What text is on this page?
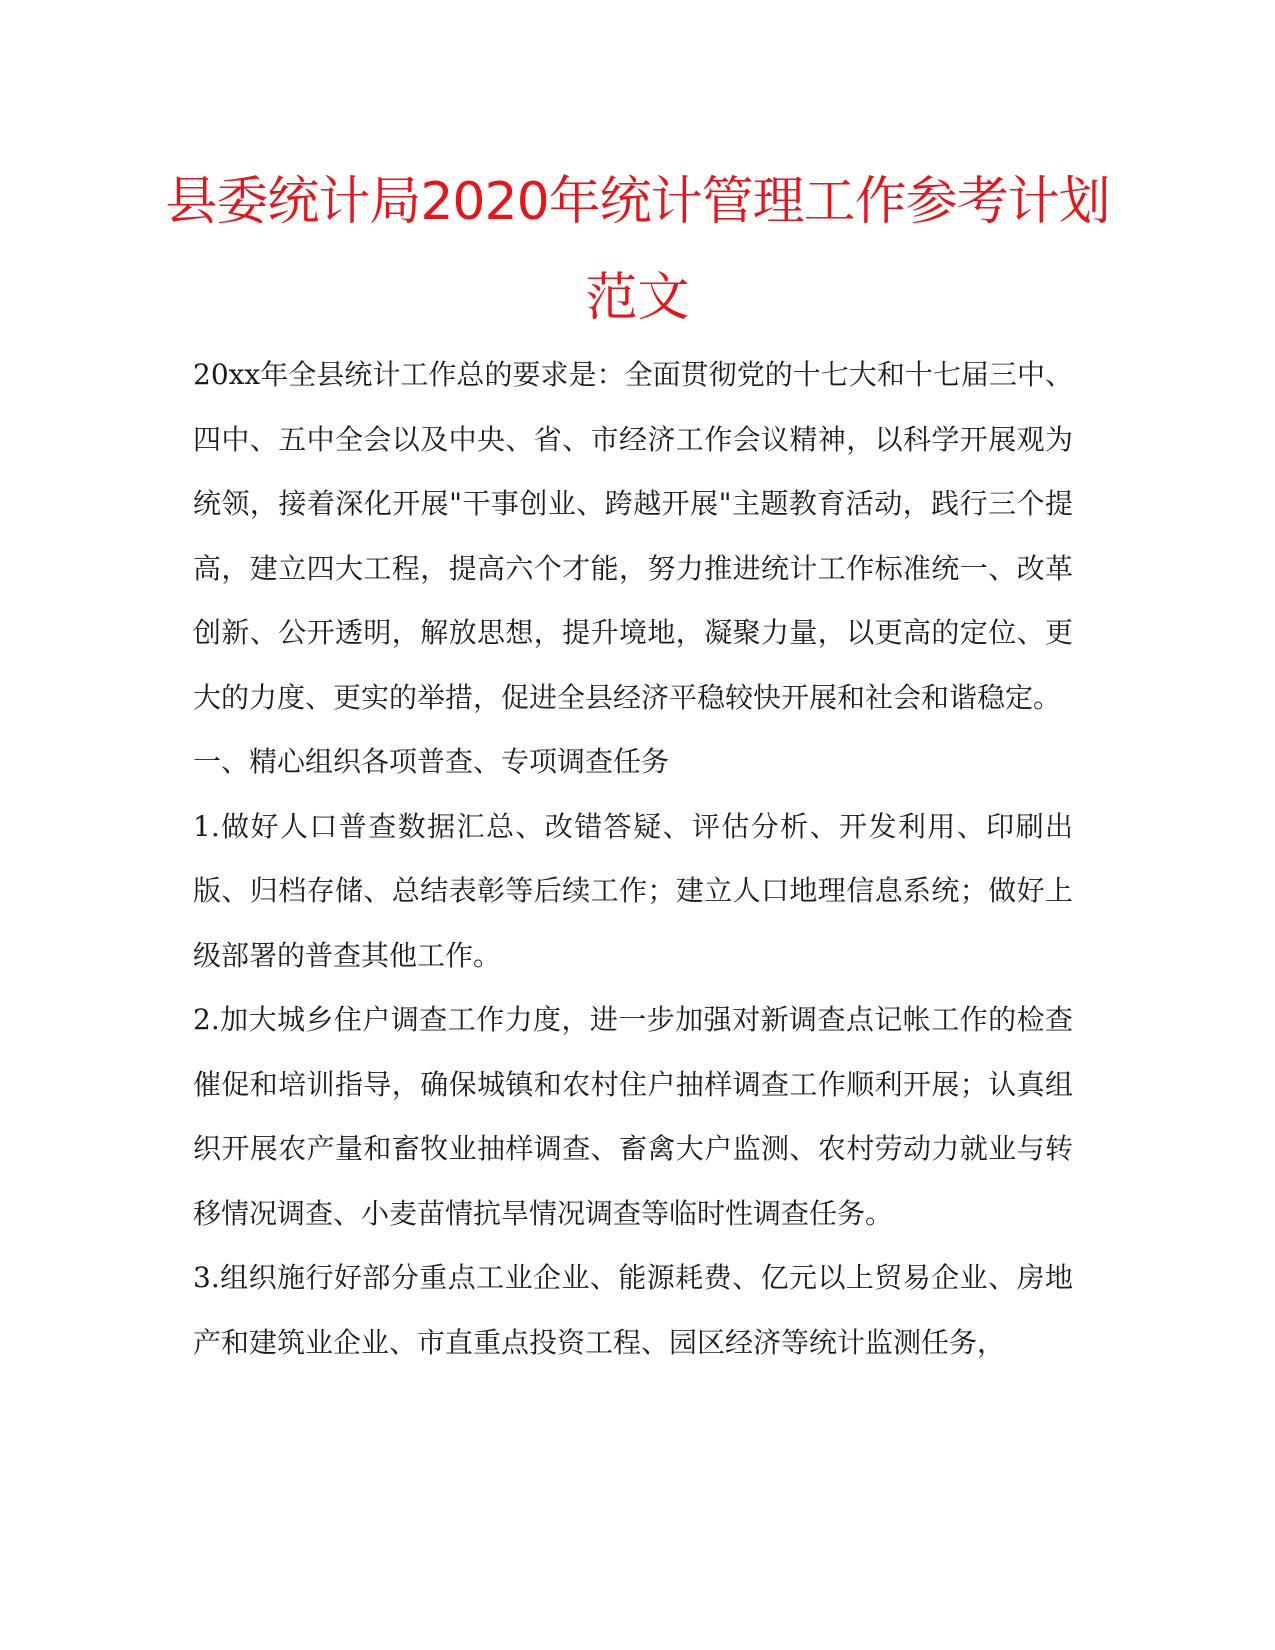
县委统计局2020年统计管理工作参考计划
范文

20xx年全县统计工作总的要求是：全面贯彻党的十七大和十七届三中、四中、五中全会以及中央、省、市经济工作会议精神，以科学开展观为统领，接着深化开展"干事创业、跨越开展"主题教育活动，践行三个提高，建立四大工程，提高六个才能，努力推进统计工作标准统一、改革创新、公开透明，解放思想，提升境地，凝聚力量，以更高的定位、更大的力度、更实的举措，促进全县经济平稳较快开展和社会和谐稳定。

一、精心组织各项普查、专项调查任务

1.做好人口普查数据汇总、改错答疑、评估分析、开发利用、印刷出版、归档存储、总结表彰等后续工作；建立人口地理信息系统；做好上级部署的普查其他工作。

2.加大城乡住户调查工作力度，进一步加强对新调查点记帐工作的检查催促和培训指导，确保城镇和农村住户抽样调查工作顺利开展；认真组织开展农产量和畜牧业抽样调查、畜禽大户监测、农村劳动力就业与转移情况调查、小麦苗情抗旱情况调查等临时性调查任务。

3.组织施行好部分重点工业企业、能源耗费、亿元以上贸易企业、房地产和建筑业企业、市直重点投资工程、园区经济等统计监测任务，
